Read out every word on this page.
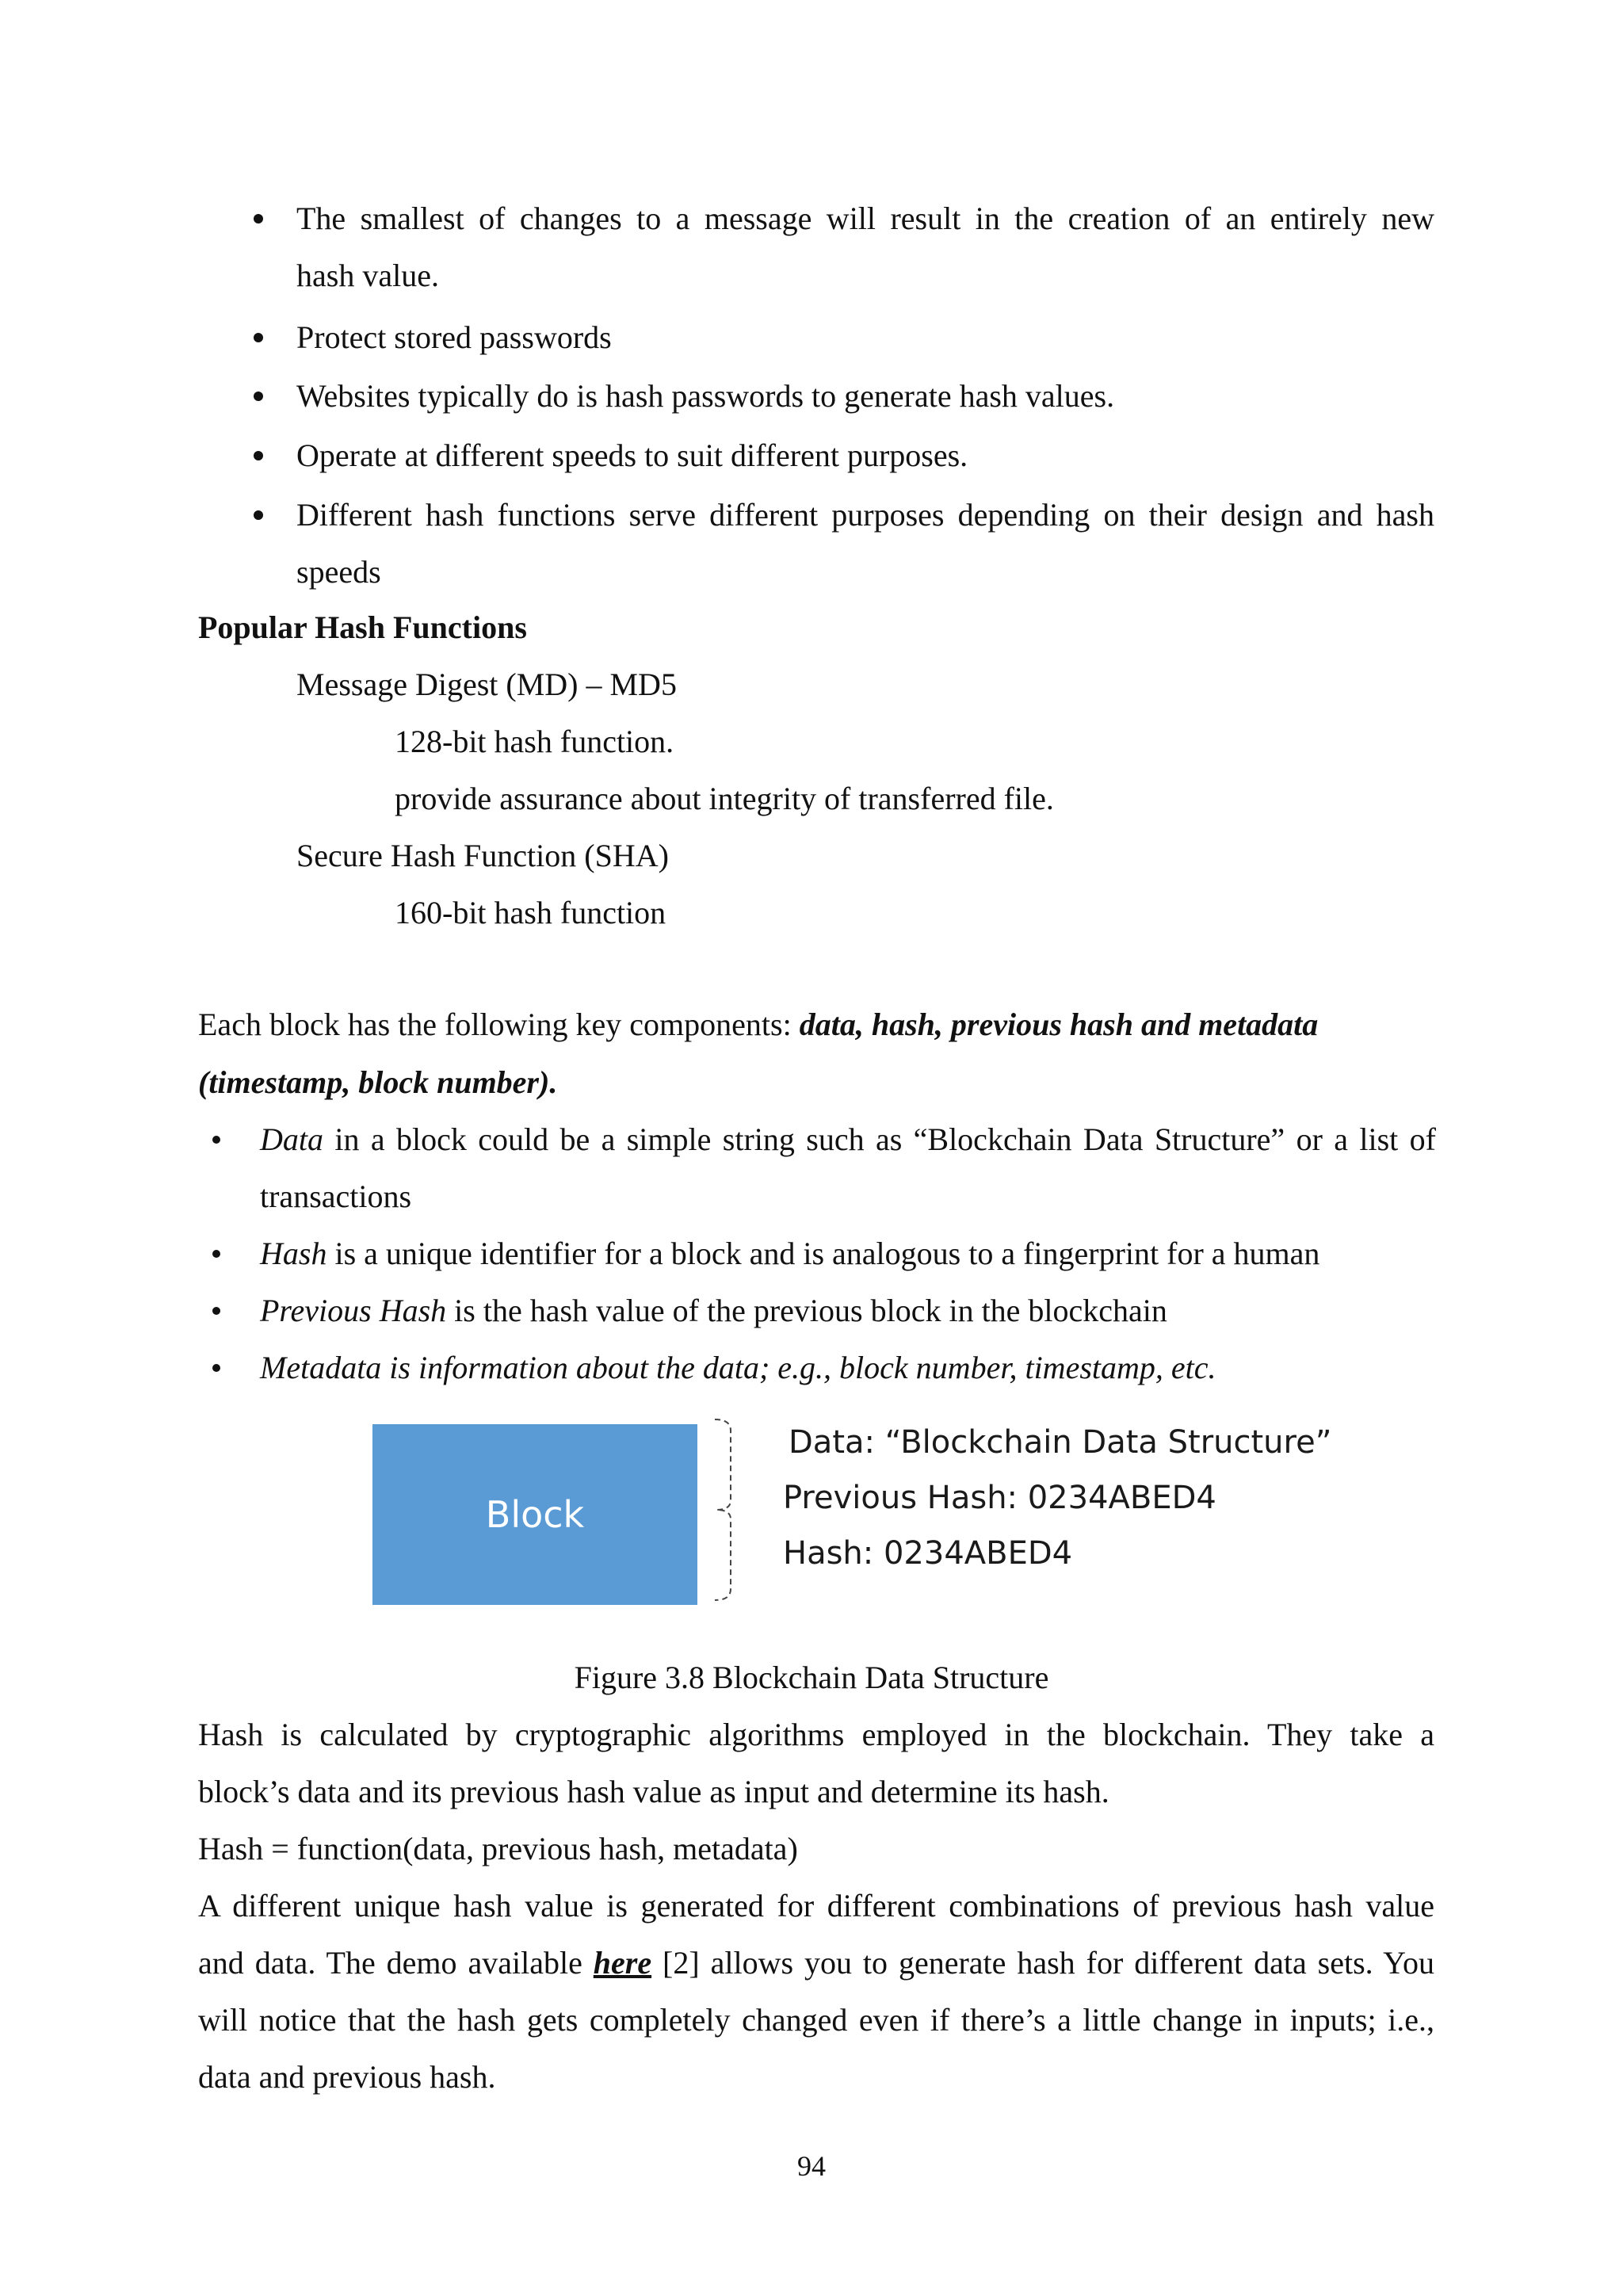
The smallest of changes to a message will result in the creation of an entirely new
hash value.
Protect stored passwords
Websites typically do is hash passwords to generate hash values.
Operate at different speeds to suit different purposes.
Different hash functions serve different purposes depending on their design and hash
speeds
Popular Hash Functions
Message Digest (MD) – MD5
128-bit hash function.
provide assurance about integrity of transferred file.
Secure Hash Function (SHA)
160-bit hash function
Each block has the following key components: data, hash, previous hash and metadata
(timestamp, block number).
Data in a block could be a simple string such as “Blockchain Data Structure” or a list of
transactions
Hash is a unique identifier for a block and is analogous to a fingerprint for a human
Previous Hash is the hash value of the previous block in the blockchain
Metadata is information about the data; e.g., block number, timestamp, etc.
Block
Data: “Blockchain Data Structure”
Previous Hash: 0234ABED4
Hash: 0234ABED4
Figure 3.8 Blockchain Data Structure
Hash is calculated by cryptographic algorithms employed in the blockchain. They take a
block’s data and its previous hash value as input and determine its hash.
Hash = function(data, previous hash, metadata)
A different unique hash value is generated for different combinations of previous hash value
and data. The demo available here [2] allows you to generate hash for different data sets. You
will notice that the hash gets completely changed even if there’s a little change in inputs; i.e.,
data and previous hash.
94
